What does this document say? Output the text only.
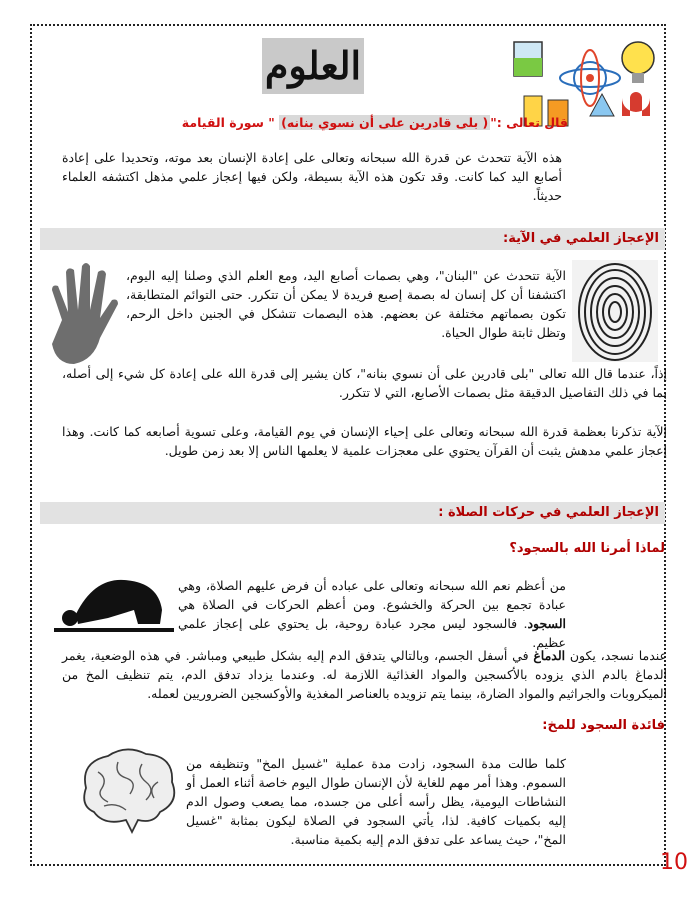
العلوم
قال تعالى :"( بلى قادرين على أن نسوي بنانه) " سورة القيامة

هذه الآية تتحدث عن قدرة الله سبحانه وتعالى على إعادة الإنسان بعد موته، وتحديدا على إعادة أصابع اليد كما كانت. وقد تكون هذه الآية بسيطة، ولكن فيها إعجاز علمي مذهل اكتشفه العلماء حديثاً.

الإعجاز العلمي في الآية:

الآية تتحدث عن "البنان"، وهي بصمات أصابع اليد، ومع العلم الذي وصلنا إليه اليوم، اكتشفنا أن كل إنسان له بصمة إصبع فريدة لا يمكن أن تتكرر. حتى التوائم المتطابقة، تكون بصماتهم مختلفة عن بعضهم. هذه البصمات تتشكل في الجنين داخل الرحم، وتظل ثابتة طوال الحياة.

إذاً، عندما قال الله تعالى "بلى قادرين على أن نسوي بنانه"، كان يشير إلى قدرة الله على إعادة كل شيء إلى أصله، بما في ذلك التفاصيل الدقيقة مثل بصمات الأصابع، التي لا تتكرر.

الآية تذكرنا بعظمة قدرة الله سبحانه وتعالى على إحياء الإنسان في يوم القيامة، وعلى تسوية أصابعه كما كانت. وهذا إعجاز علمي مدهش يثبت أن القرآن يحتوي على معجزات علمية لا يعلمها الناس إلا بعد زمن طويل.

الإعجاز العلمي في حركات الصلاة :
لماذا أمرنا الله بالسجود؟

من أعظم نعم الله سبحانه وتعالى على عباده أن فرض عليهم الصلاة، وهي عبادة تجمع بين الحركة والخشوع. ومن أعظم الحركات في الصلاة هي السجود. فالسجود ليس مجرد عبادة روحية، بل يحتوي على إعجاز علمي عظيم.

عندما نسجد، يكون الدماغ في أسفل الجسم، وبالتالي يتدفق الدم إليه بشكل طبيعي ومباشر. في هذه الوضعية، يغمر الدماغ بالدم الذي يزوده بالأكسجين والمواد الغذائية اللازمة له. وعندما يزداد تدفق الدم، يتم تنظيف المخ من الميكروبات والجراثيم والمواد الضارة، بينما يتم تزويده بالعناصر المغذية والأوكسجين الضروريين لعمله.

فائدة السجود للمخ:

كلما طالت مدة السجود، زادت مدة عملية "غسيل المخ" وتنظيفه من السموم. وهذا أمر مهم للغاية لأن الإنسان طوال اليوم خاصة أثناء العمل أو النشاطات اليومية، يظل رأسه أعلى من جسده، مما يصعب وصول الدم إليه بكميات كافية. لذا، يأتي السجود في الصلاة ليكون بمثابة "غسيل المخ"، حيث يساعد على تدفق الدم إليه بكمية مناسبة.

10
